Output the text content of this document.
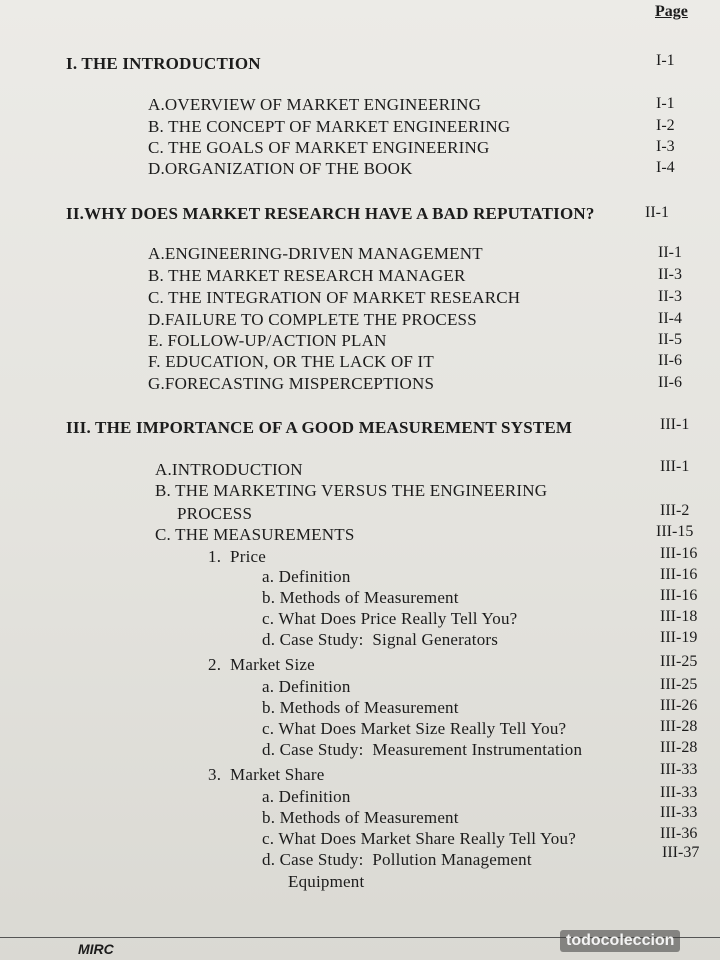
Page
I. THE INTRODUCTION	I-1
A.OVERVIEW OF MARKET ENGINEERING	I-1
B. THE CONCEPT OF MARKET ENGINEERING	I-2
C. THE GOALS OF MARKET ENGINEERING	I-3
D.ORGANIZATION OF THE BOOK	I-4
II.WHY DOES MARKET RESEARCH HAVE A BAD REPUTATION?	II-1
A.ENGINEERING-DRIVEN MANAGEMENT	II-1
B. THE MARKET RESEARCH MANAGER	II-3
C. THE INTEGRATION OF MARKET RESEARCH	II-3
D.FAILURE TO COMPLETE THE PROCESS	II-4
E. FOLLOW-UP/ACTION PLAN	II-5
F. EDUCATION, OR THE LACK OF IT	II-6
G.FORECASTING MISPERCEPTIONS	II-6
III. THE IMPORTANCE OF A GOOD MEASUREMENT SYSTEM	III-1
A.INTRODUCTION	III-1
B. THE MARKETING VERSUS THE ENGINEERING
PROCESS	III-2
C. THE MEASUREMENTS	III-15
1.  Price	III-16
a. Definition	III-16
b. Methods of Measurement	III-16
c. What Does Price Really Tell You?	III-18
d. Case Study:  Signal Generators	III-19
2.  Market Size	III-25
a. Definition	III-25
b. Methods of Measurement	III-26
c. What Does Market Size Really Tell You?	III-28
d. Case Study:  Measurement Instrumentation	III-28
3.  Market Share	III-33
a. Definition	III-33
b. Methods of Measurement	III-33
c. What Does Market Share Really Tell You?	III-36
d. Case Study:  Pollution Management	III-37
Equipment
MIRC	todocoleccion
